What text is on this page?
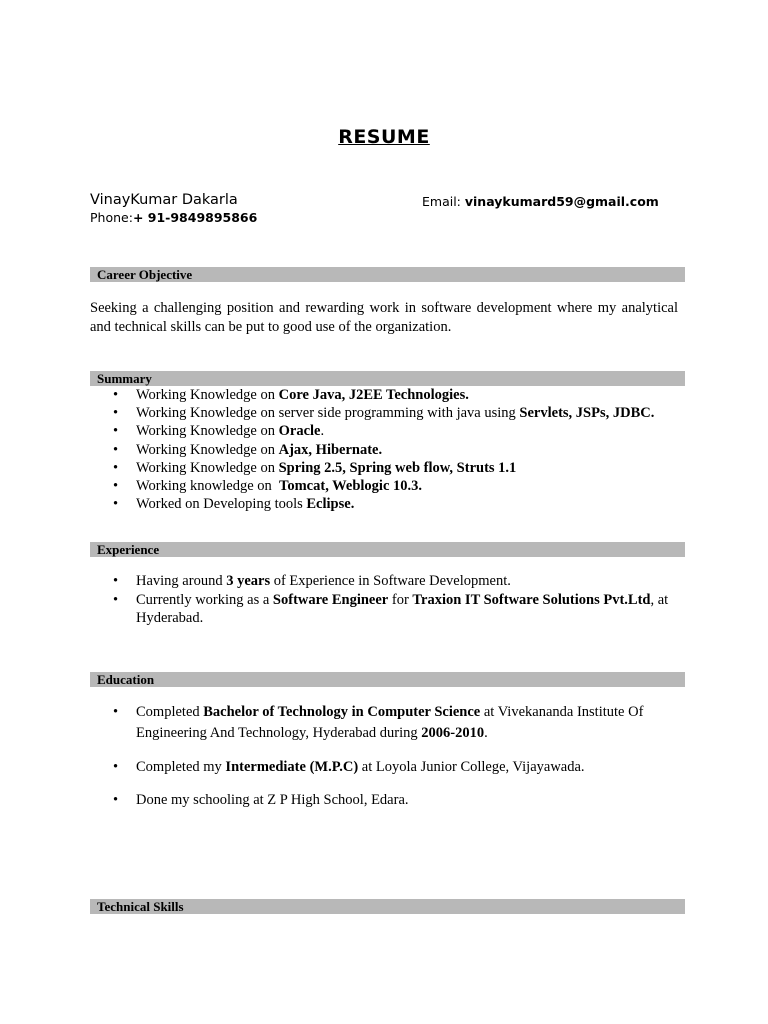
RESUME
VinayKumar Dakarla
Phone:+ 91-9849895866
Email: vinaykumard59@gmail.com
Career Objective
Seeking a challenging position and rewarding work in software development where my analytical and technical skills can be put to good use of the organization.
Summary
• Working Knowledge on Core Java, J2EE Technologies.
• Working Knowledge on server side programming with java using Servlets, JSPs, JDBC.
• Working Knowledge on Oracle.
• Working Knowledge on Ajax, Hibernate.
• Working Knowledge on Spring 2.5, Spring web flow, Struts 1.1
• Working knowledge on  Tomcat, Weblogic 10.3.
• Worked on Developing tools Eclipse.
Experience
• Having around 3 years of Experience in Software Development.
• Currently working as a Software Engineer for Traxion IT Software Solutions Pvt.Ltd, at Hyderabad.
Education
• Completed Bachelor of Technology in Computer Science at Vivekananda Institute Of Engineering And Technology, Hyderabad during 2006-2010.
• Completed my Intermediate (M.P.C) at Loyola Junior College, Vijayawada.
• Done my schooling at Z P High School, Edara.
Technical Skills
